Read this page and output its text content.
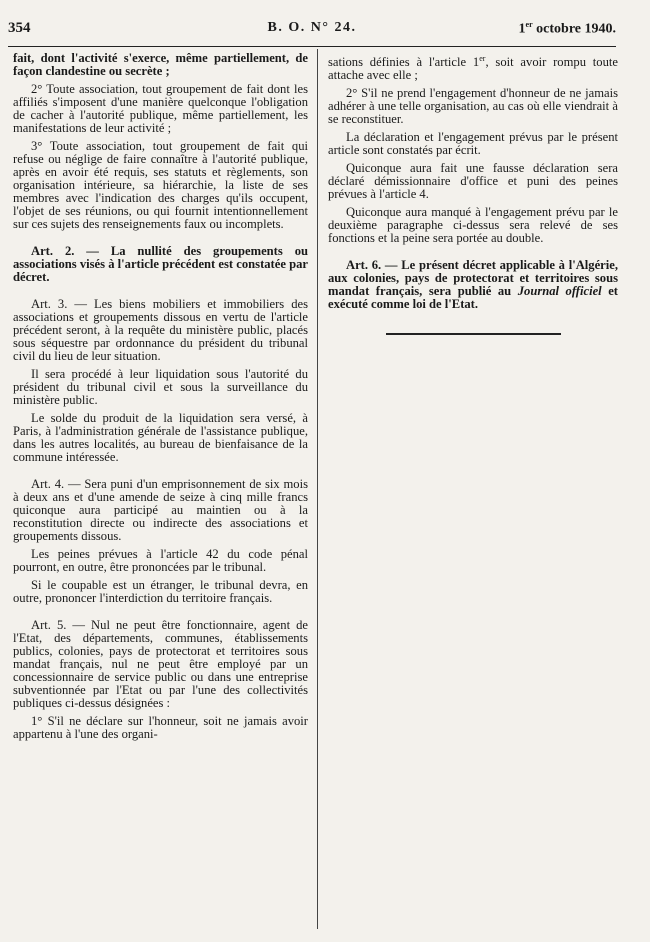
354	B. O. N° 24.	1er octobre 1940.

fait, dont l'activité s'exerce, même partiellement, de façon clandestine ou secrète ;

2° Toute association, tout groupement de fait dont les affiliés s'imposent d'une manière quelconque l'obligation de cacher à l'autorité publique, même partiellement, les manifestations de leur activité ;

3° Toute association, tout groupement de fait qui refuse ou néglige de faire connaître à l'autorité publique, après en avoir été requis, ses statuts et règlements, son organisation intérieure, sa hiérarchie, la liste de ses membres avec l'indication des charges qu'ils occupent, l'objet de ses réunions, ou qui fournit intentionnellement sur ces sujets des renseignements faux ou incomplets.

Art. 2. — La nullité des groupements ou associations visés à l'article précédent est constatée par décret.

Art. 3. — Les biens mobiliers et immobiliers des associations et groupements dissous en vertu de l'article précédent seront, à la requête du ministère public, placés sous séquestre par ordonnance du président du tribunal civil du lieu de leur situation.

Il sera procédé à leur liquidation sous l'autorité du président du tribunal civil et sous la surveillance du ministère public.

Le solde du produit de la liquidation sera versé, à Paris, à l'administration générale de l'assistance publique, dans les autres localités, au bureau de bienfaisance de la commune intéressée.

Art. 4. — Sera puni d'un emprisonnement de six mois à deux ans et d'une amende de seize à cinq mille francs quiconque aura participé au maintien ou à la reconstitution directe ou indirecte des associations et groupements dissous.

Les peines prévues à l'article 42 du code pénal pourront, en outre, être prononcées par le tribunal.

Si le coupable est un étranger, le tribunal devra, en outre, prononcer l'interdiction du territoire français.

Art. 5. — Nul ne peut être fonctionnaire, agent de l'Etat, des départements, communes, établissements publics, colonies, pays de protectorat et territoires sous mandat français, nul ne peut être employé par un concessionnaire de service public ou dans une entreprise subventionnée par l'Etat ou par l'une des collectivités publiques ci-dessus désignées :

1° S'il ne déclare sur l'honneur, soit ne jamais avoir appartenu à l'une des organi-

sations définies à l'article 1er, soit avoir rompu toute attache avec elle ;

2° S'il ne prend l'engagement d'honneur de ne jamais adhérer à une telle organisation, au cas où elle viendrait à se reconstituer.

La déclaration et l'engagement prévus par le présent article sont constatés par écrit.

Quiconque aura fait une fausse déclaration sera déclaré démissionnaire d'office et puni des peines prévues à l'article 4.

Quiconque aura manqué à l'engagement prévu par le deuxième paragraphe ci-dessus sera relevé de ses fonctions et la peine sera portée au double.

Art. 6. — Le présent décret applicable à l'Algérie, aux colonies, pays de protectorat et territoires sous mandat français, sera publié au Journal officiel et exécuté comme loi de l'Etat.
